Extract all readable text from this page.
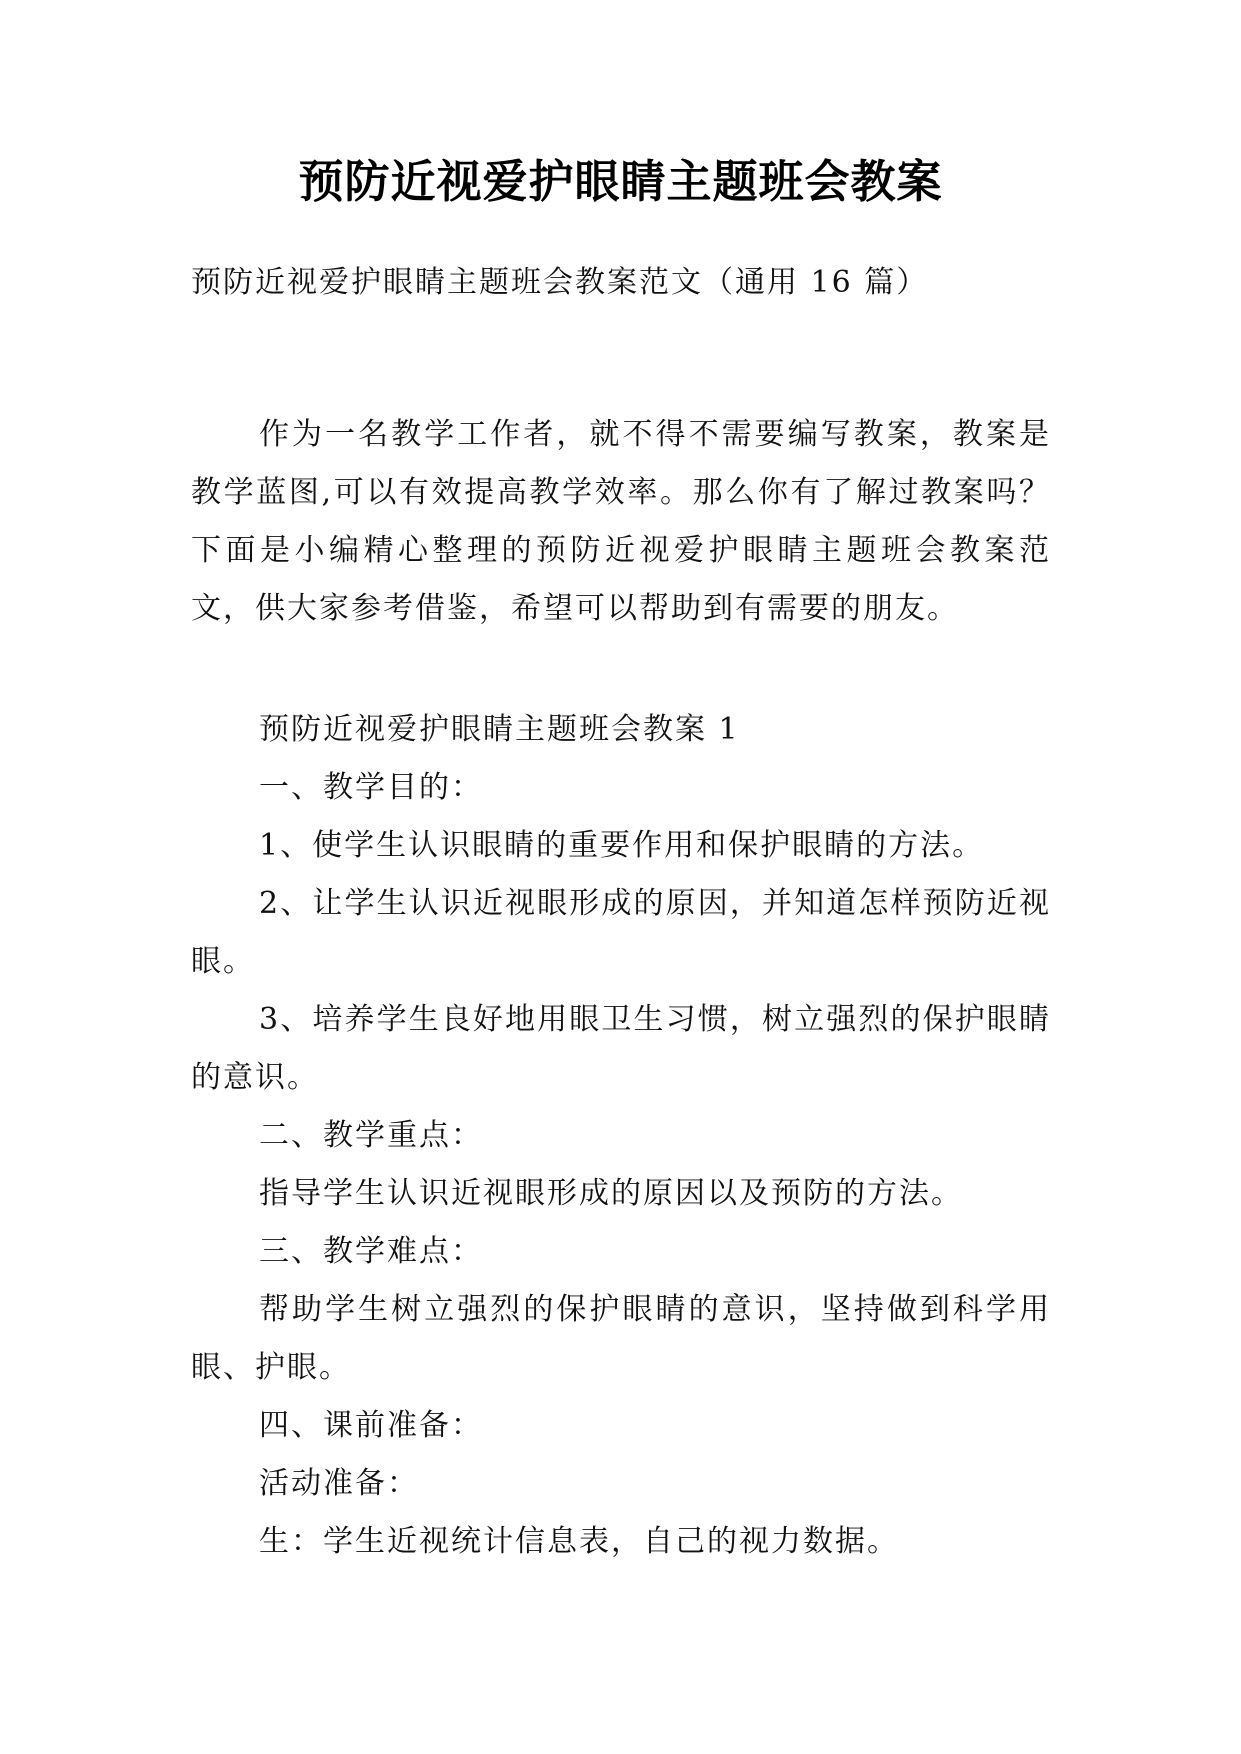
预防近视爱护眼睛主题班会教案
预防近视爱护眼睛主题班会教案范文（通用 16 篇）
作为一名教学工作者，就不得不需要编写教案，教案是教学蓝图,可以有效提高教学效率。那么你有了解过教案吗？下面是小编精心整理的预防近视爱护眼睛主题班会教案范文，供大家参考借鉴，希望可以帮助到有需要的朋友。

预防近视爱护眼睛主题班会教案 1

一、教学目的：

1、使学生认识眼睛的重要作用和保护眼睛的方法。

2、让学生认识近视眼形成的原因，并知道怎样预防近视眼。

3、培养学生良好地用眼卫生习惯，树立强烈的保护眼睛的意识。

二、教学重点：

指导学生认识近视眼形成的原因以及预防的方法。

三、教学难点：

帮助学生树立强烈的保护眼睛的意识，坚持做到科学用眼、护眼。

四、课前准备：

活动准备：

生：学生近视统计信息表，自己的视力数据。
